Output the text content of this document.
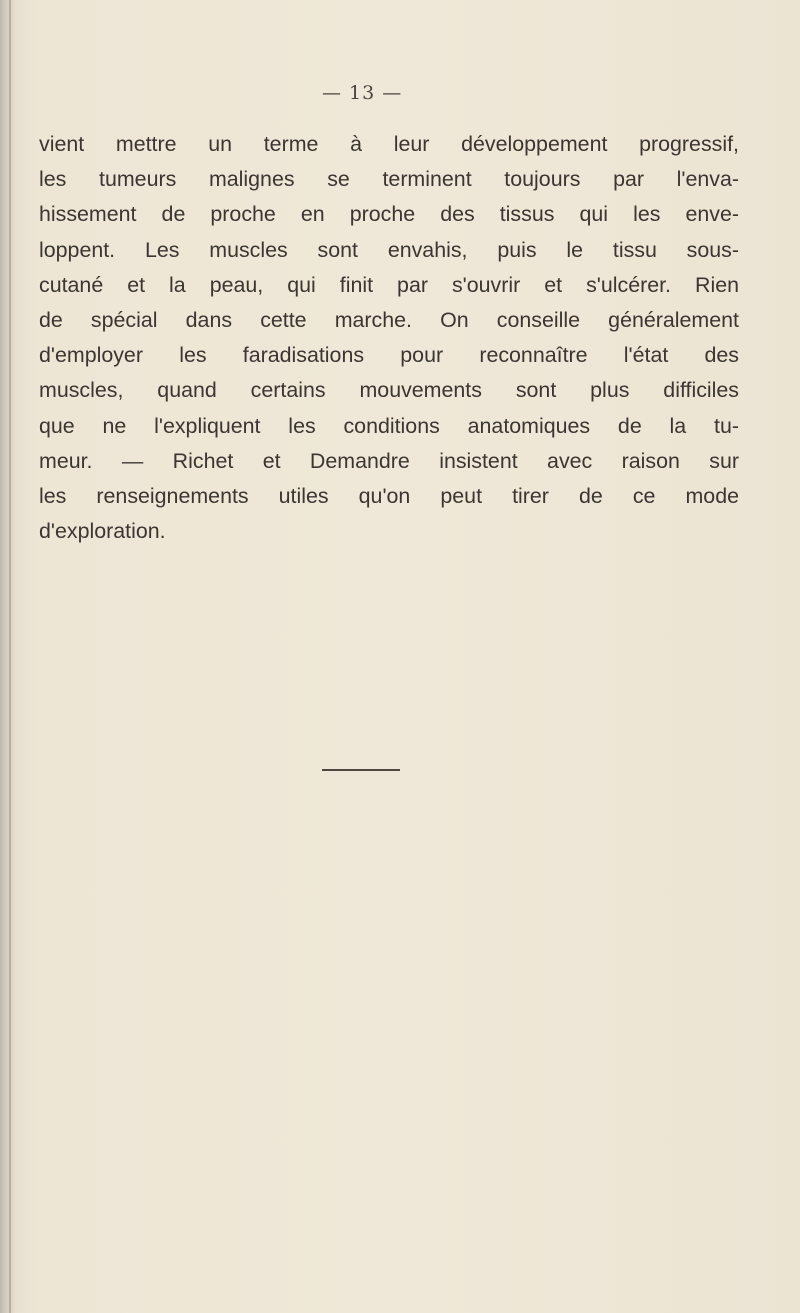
— 13 —
vient mettre un terme à leur développement progressif,
les tumeurs malignes se terminent toujours par l'enva-
hissement de proche en proche des tissus qui les enve-
loppent. Les muscles sont envahis, puis le tissu sous-
cutané et la peau, qui finit par s'ouvrir et s'ulcérer. Rien
de spécial dans cette marche. On conseille généralement
d'employer les faradisations pour reconnaître l'état des
muscles, quand certains mouvements sont plus difficiles
que ne l'expliquent les conditions anatomiques de la tu-
meur. — Richet et Demandre insistent avec raison sur
les renseignements utiles qu'on peut tirer de ce mode
d'exploration.
